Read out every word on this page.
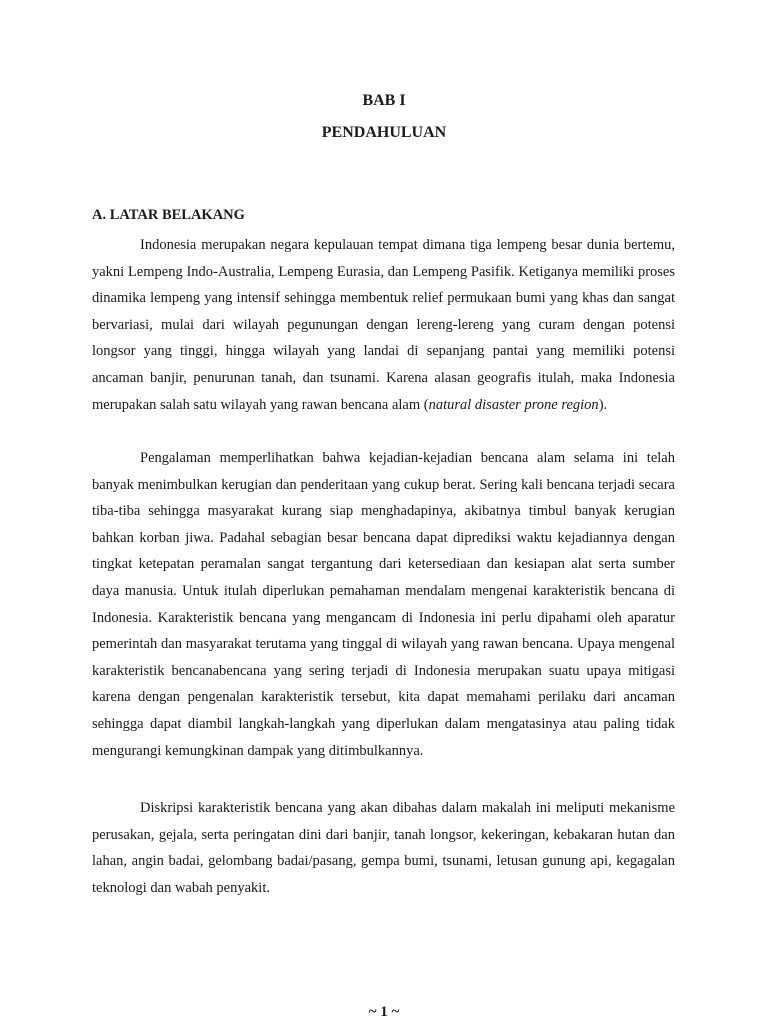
BAB I
PENDAHULUAN
A. LATAR BELAKANG

Indonesia merupakan negara kepulauan tempat dimana tiga lempeng besar dunia bertemu, yakni Lempeng Indo-Australia, Lempeng Eurasia, dan Lempeng Pasifik. Ketiganya memiliki proses dinamika lempeng yang intensif sehingga membentuk relief permukaan bumi yang khas dan sangat bervariasi, mulai dari wilayah pegunungan dengan lereng-lereng yang curam dengan potensi longsor yang tinggi, hingga wilayah yang landai di sepanjang pantai yang memiliki potensi ancaman banjir, penurunan tanah, dan tsunami. Karena alasan geografis itulah, maka Indonesia merupakan salah satu wilayah yang rawan bencana alam (natural disaster prone region).

Pengalaman memperlihatkan bahwa kejadian-kejadian bencana alam selama ini telah banyak menimbulkan kerugian dan penderitaan yang cukup berat. Sering kali bencana terjadi secara tiba-tiba sehingga masyarakat kurang siap menghadapinya, akibatnya timbul banyak kerugian bahkan korban jiwa. Padahal sebagian besar bencana dapat diprediksi waktu kejadiannya dengan tingkat ketepatan peramalan sangat tergantung dari ketersediaan dan kesiapan alat serta sumber daya manusia. Untuk itulah diperlukan pemahaman mendalam mengenai karakteristik bencana di Indonesia. Karakteristik bencana yang mengancam di Indonesia ini perlu dipahami oleh aparatur pemerintah dan masyarakat terutama yang tinggal di wilayah yang rawan bencana. Upaya mengenal karakteristik bencanabencana yang sering terjadi di Indonesia merupakan suatu upaya mitigasi karena dengan pengenalan karakteristik tersebut, kita dapat memahami perilaku dari ancaman sehingga dapat diambil langkah-langkah yang diperlukan dalam mengatasinya atau paling tidak mengurangi kemungkinan dampak yang ditimbulkannya.

Diskripsi karakteristik bencana yang akan dibahas dalam makalah ini meliputi mekanisme perusakan, gejala, serta peringatan dini dari banjir, tanah longsor, kekeringan, kebakaran hutan dan lahan, angin badai, gelombang badai/pasang, gempa bumi, tsunami, letusan gunung api, kegagalan teknologi dan wabah penyakit.

~ 1 ~
